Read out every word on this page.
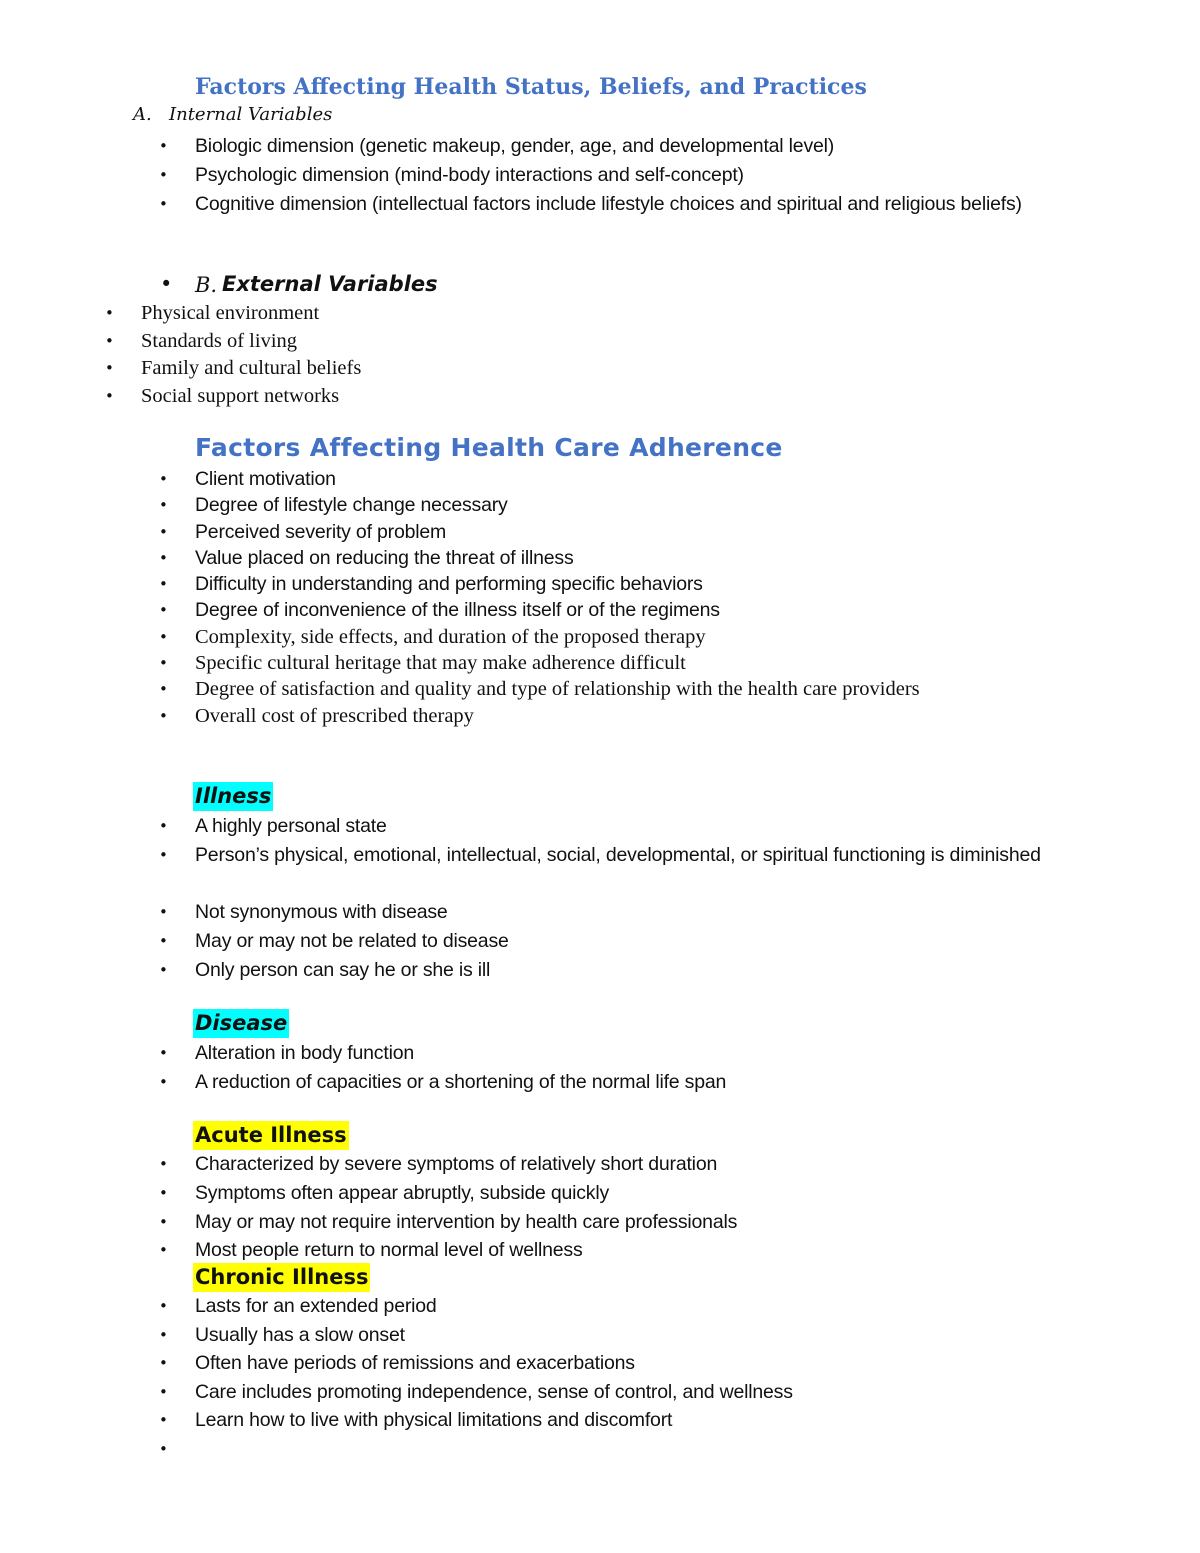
Factors Affecting Health Status, Beliefs, and Practices
A. Internal Variables
• Biologic dimension (genetic makeup, gender, age, and developmental level)
• Psychologic dimension (mind-body interactions and self-concept)
• Cognitive dimension (intellectual factors include lifestyle choices and spiritual and religious beliefs)
• B. External Variables
• Physical environment
• Standards of living
• Family and cultural beliefs
• Social support networks
Factors Affecting Health Care Adherence
• Client motivation
• Degree of lifestyle change necessary
• Perceived severity of problem
• Value placed on reducing the threat of illness
• Difficulty in understanding and performing specific behaviors
• Degree of inconvenience of the illness itself or of the regimens
• Complexity, side effects, and duration of the proposed therapy
• Specific cultural heritage that may make adherence difficult
• Degree of satisfaction and quality and type of relationship with the health care providers
• Overall cost of prescribed therapy
Illness
• A highly personal state
• Person’s physical, emotional, intellectual, social, developmental, or spiritual functioning is diminished
• Not synonymous with disease
• May or may not be related to disease
• Only person can say he or she is ill
Disease
• Alteration in body function
• A reduction of capacities or a shortening of the normal life span
Acute Illness
• Characterized by severe symptoms of relatively short duration
• Symptoms often appear abruptly, subside quickly
• May or may not require intervention by health care professionals
• Most people return to normal level of wellness
Chronic Illness
• Lasts for an extended period
• Usually has a slow onset
• Often have periods of remissions and exacerbations
• Care includes promoting independence, sense of control, and wellness
• Learn how to live with physical limitations and discomfort
•
